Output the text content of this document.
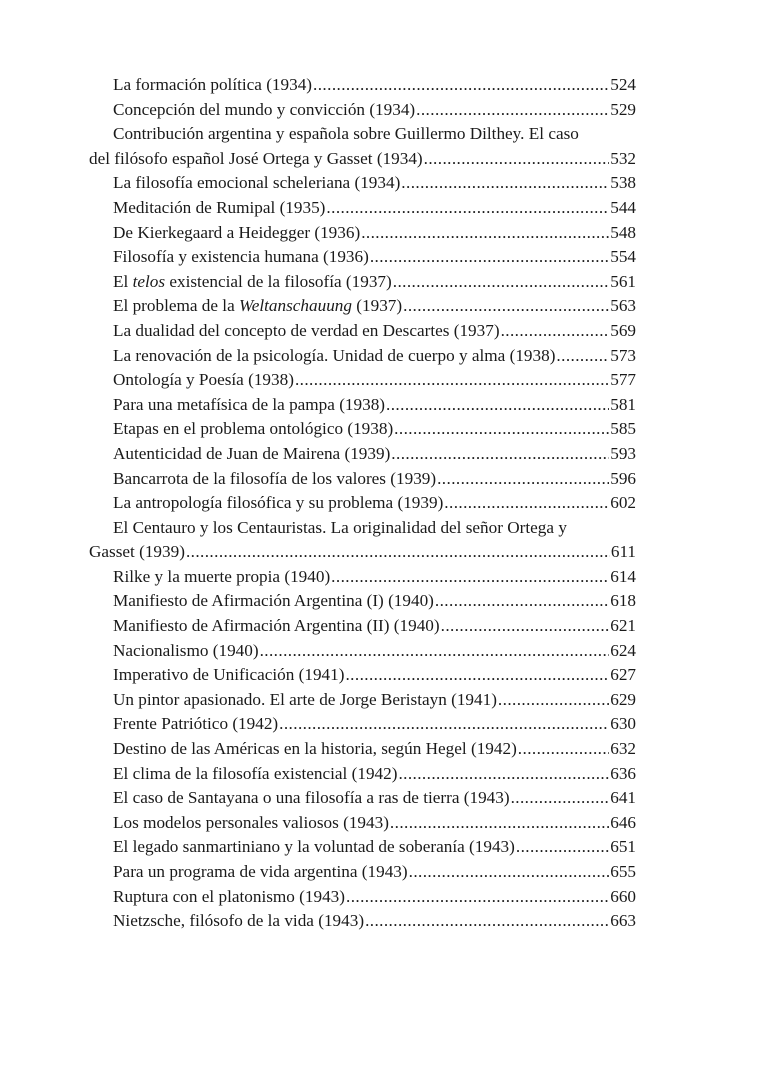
La formación política (1934) .....	524
Concepción del mundo y convicción (1934) .....	529
Contribución argentina y española sobre Guillermo Dilthey. El caso
del filósofo español José Ortega y Gasset (1934) .....	532
La filosofía emocional scheleriana (1934) .....	538
Meditación de Rumipal (1935) .....	544
De Kierkegaard a Heidegger (1936) .....	548
Filosofía y existencia humana (1936) .....	554
El telos existencial de la filosofía (1937) .....	561
El problema de la Weltanschauung (1937) .....	563
La dualidad del concepto de verdad en Descartes (1937) .....	569
La renovación de la psicología. Unidad de cuerpo y alma (1938) .....	573
Ontología y Poesía (1938) .....	577
Para una metafísica de la pampa (1938) .....	581
Etapas en el problema ontológico (1938) .....	585
Autenticidad de Juan de Mairena (1939) .....	593
Bancarrota de la filosofía de los valores (1939) .....	596
La antropología filosófica y su problema (1939) .....	602
El Centauro y los Centauristas. La originalidad del señor Ortega y
Gasset (1939) .....	611
Rilke y la muerte propia (1940) .....	614
Manifiesto de Afirmación Argentina (I) (1940) .....	618
Manifiesto de Afirmación Argentina (II) (1940) .....	621
Nacionalismo (1940) .....	624
Imperativo de Unificación (1941) .....	627
Un pintor apasionado. El arte de Jorge Beristayn (1941) .....	629
Frente Patriótico (1942) .....	630
Destino de las Américas en la historia, según Hegel (1942) .....	632
El clima de la filosofía existencial (1942) .....	636
El caso de Santayana o una filosofía a ras de tierra (1943) .....	641
Los modelos personales valiosos (1943) .....	646
El legado sanmartiniano y la voluntad de soberanía (1943) .....	651
Para un programa de vida argentina (1943) .....	655
Ruptura con el platonismo (1943) .....	660
Nietzsche, filósofo de la vida (1943) .....	663
